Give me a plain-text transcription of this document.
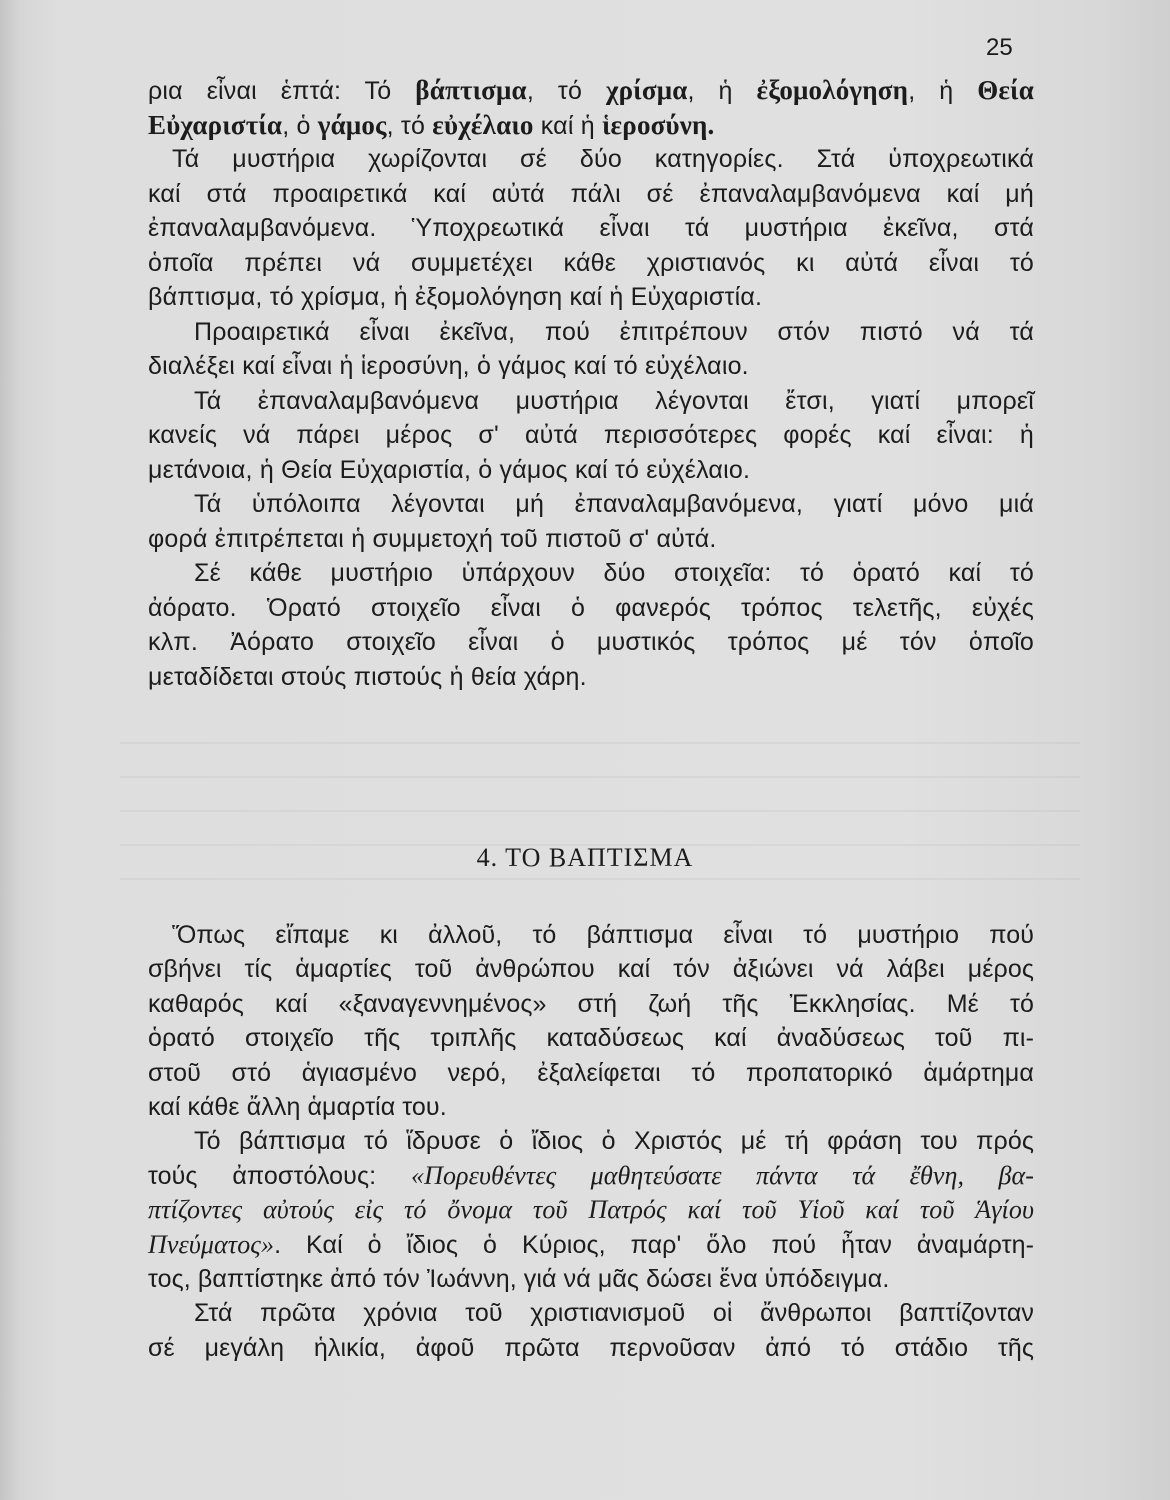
25
ρια εἶναι ἑπτά: Τό βάπτισμα, τό χρίσμα, ἡ ἐξομολόγηση, ἡ Θεία
Εὐχαριστία, ὁ γάμος, τό εὐχέλαιο καί ἡ ἱεροσύνη.
Τά μυστήρια χωρίζονται σέ δύο κατηγορίες. Στά ὑποχρεωτικά
καί στά προαιρετικά καί αὐτά πάλι σέ ἐπαναλαμβανόμενα καί μή
ἐπαναλαμβανόμενα. Ὑποχρεωτικά εἶναι τά μυστήρια ἐκεῖνα, στά
ὁποῖα πρέπει νά συμμετέχει κάθε χριστιανός κι αὐτά εἶναι τό
βάπτισμα, τό χρίσμα, ἡ ἐξομολόγηση καί ἡ Εὐχαριστία.
Προαιρετικά εἶναι ἐκεῖνα, πού ἐπιτρέπουν στόν πιστό νά τά
διαλέξει καί εἶναι ἡ ἱεροσύνη, ὁ γάμος καί τό εὐχέλαιο.
Τά ἐπαναλαμβανόμενα μυστήρια λέγονται ἔτσι, γιατί μπορεῖ
κανείς νά πάρει μέρος σ' αὐτά περισσότερες φορές καί εἶναι: ἡ
μετάνοια, ἡ Θεία Εὐχαριστία, ὁ γάμος καί τό εὐχέλαιο.
Τά ὑπόλοιπα λέγονται μή ἐπαναλαμβανόμενα, γιατί μόνο μιά
φορά ἐπιτρέπεται ἡ συμμετοχή τοῦ πιστοῦ σ' αὐτά.
Σέ κάθε μυστήριο ὑπάρχουν δύο στοιχεῖα: τό ὁρατό καί τό
ἀόρατο. Ὁρατό στοιχεῖο εἶναι ὁ φανερός τρόπος τελετῆς, εὐχές
κλπ. Ἀόρατο στοιχεῖο εἶναι ὁ μυστικός τρόπος μέ τόν ὁποῖο
μεταδίδεται στούς πιστούς ἡ θεία χάρη.
4. ΤΟ ΒΑΠΤΙΣΜΑ
Ὅπως εἴπαμε κι ἀλλοῦ, τό βάπτισμα εἶναι τό μυστήριο πού
σβήνει τίς ἁμαρτίες τοῦ ἀνθρώπου καί τόν ἀξιώνει νά λάβει μέρος
καθαρός καί «ξαναγεννημένος» στή ζωή τῆς Ἐκκλησίας. Μέ τό
ὁρατό στοιχεῖο τῆς τριπλῆς καταδύσεως καί ἀναδύσεως τοῦ πι-
στοῦ στό ἁγιασμένο νερό, ἐξαλείφεται τό προπατορικό ἁμάρτημα
καί κάθε ἄλλη ἁμαρτία του.
Τό βάπτισμα τό ἵδρυσε ὁ ἴδιος ὁ Χριστός μέ τή φράση του πρός
τούς ἀποστόλους: «Πορευθέντες μαθητεύσατε πάντα τά ἔθνη, βα-
πτίζοντες αὐτούς εἰς τό ὄνομα τοῦ Πατρός καί τοῦ Υἱοῦ καί τοῦ Ἁγίου
Πνεύματος». Καί ὁ ἴδιος ὁ Κύριος, παρ' ὅλο πού ἦταν ἀναμάρτη-
τος, βαπτίστηκε ἀπό τόν Ἰωάννη, γιά νά μᾶς δώσει ἕνα ὑπόδειγμα.
Στά πρῶτα χρόνια τοῦ χριστιανισμοῦ οἱ ἄνθρωποι βαπτίζονταν
σέ μεγάλη ἡλικία, ἀφοῦ πρῶτα περνοῦσαν ἀπό τό στάδιο τῆς
